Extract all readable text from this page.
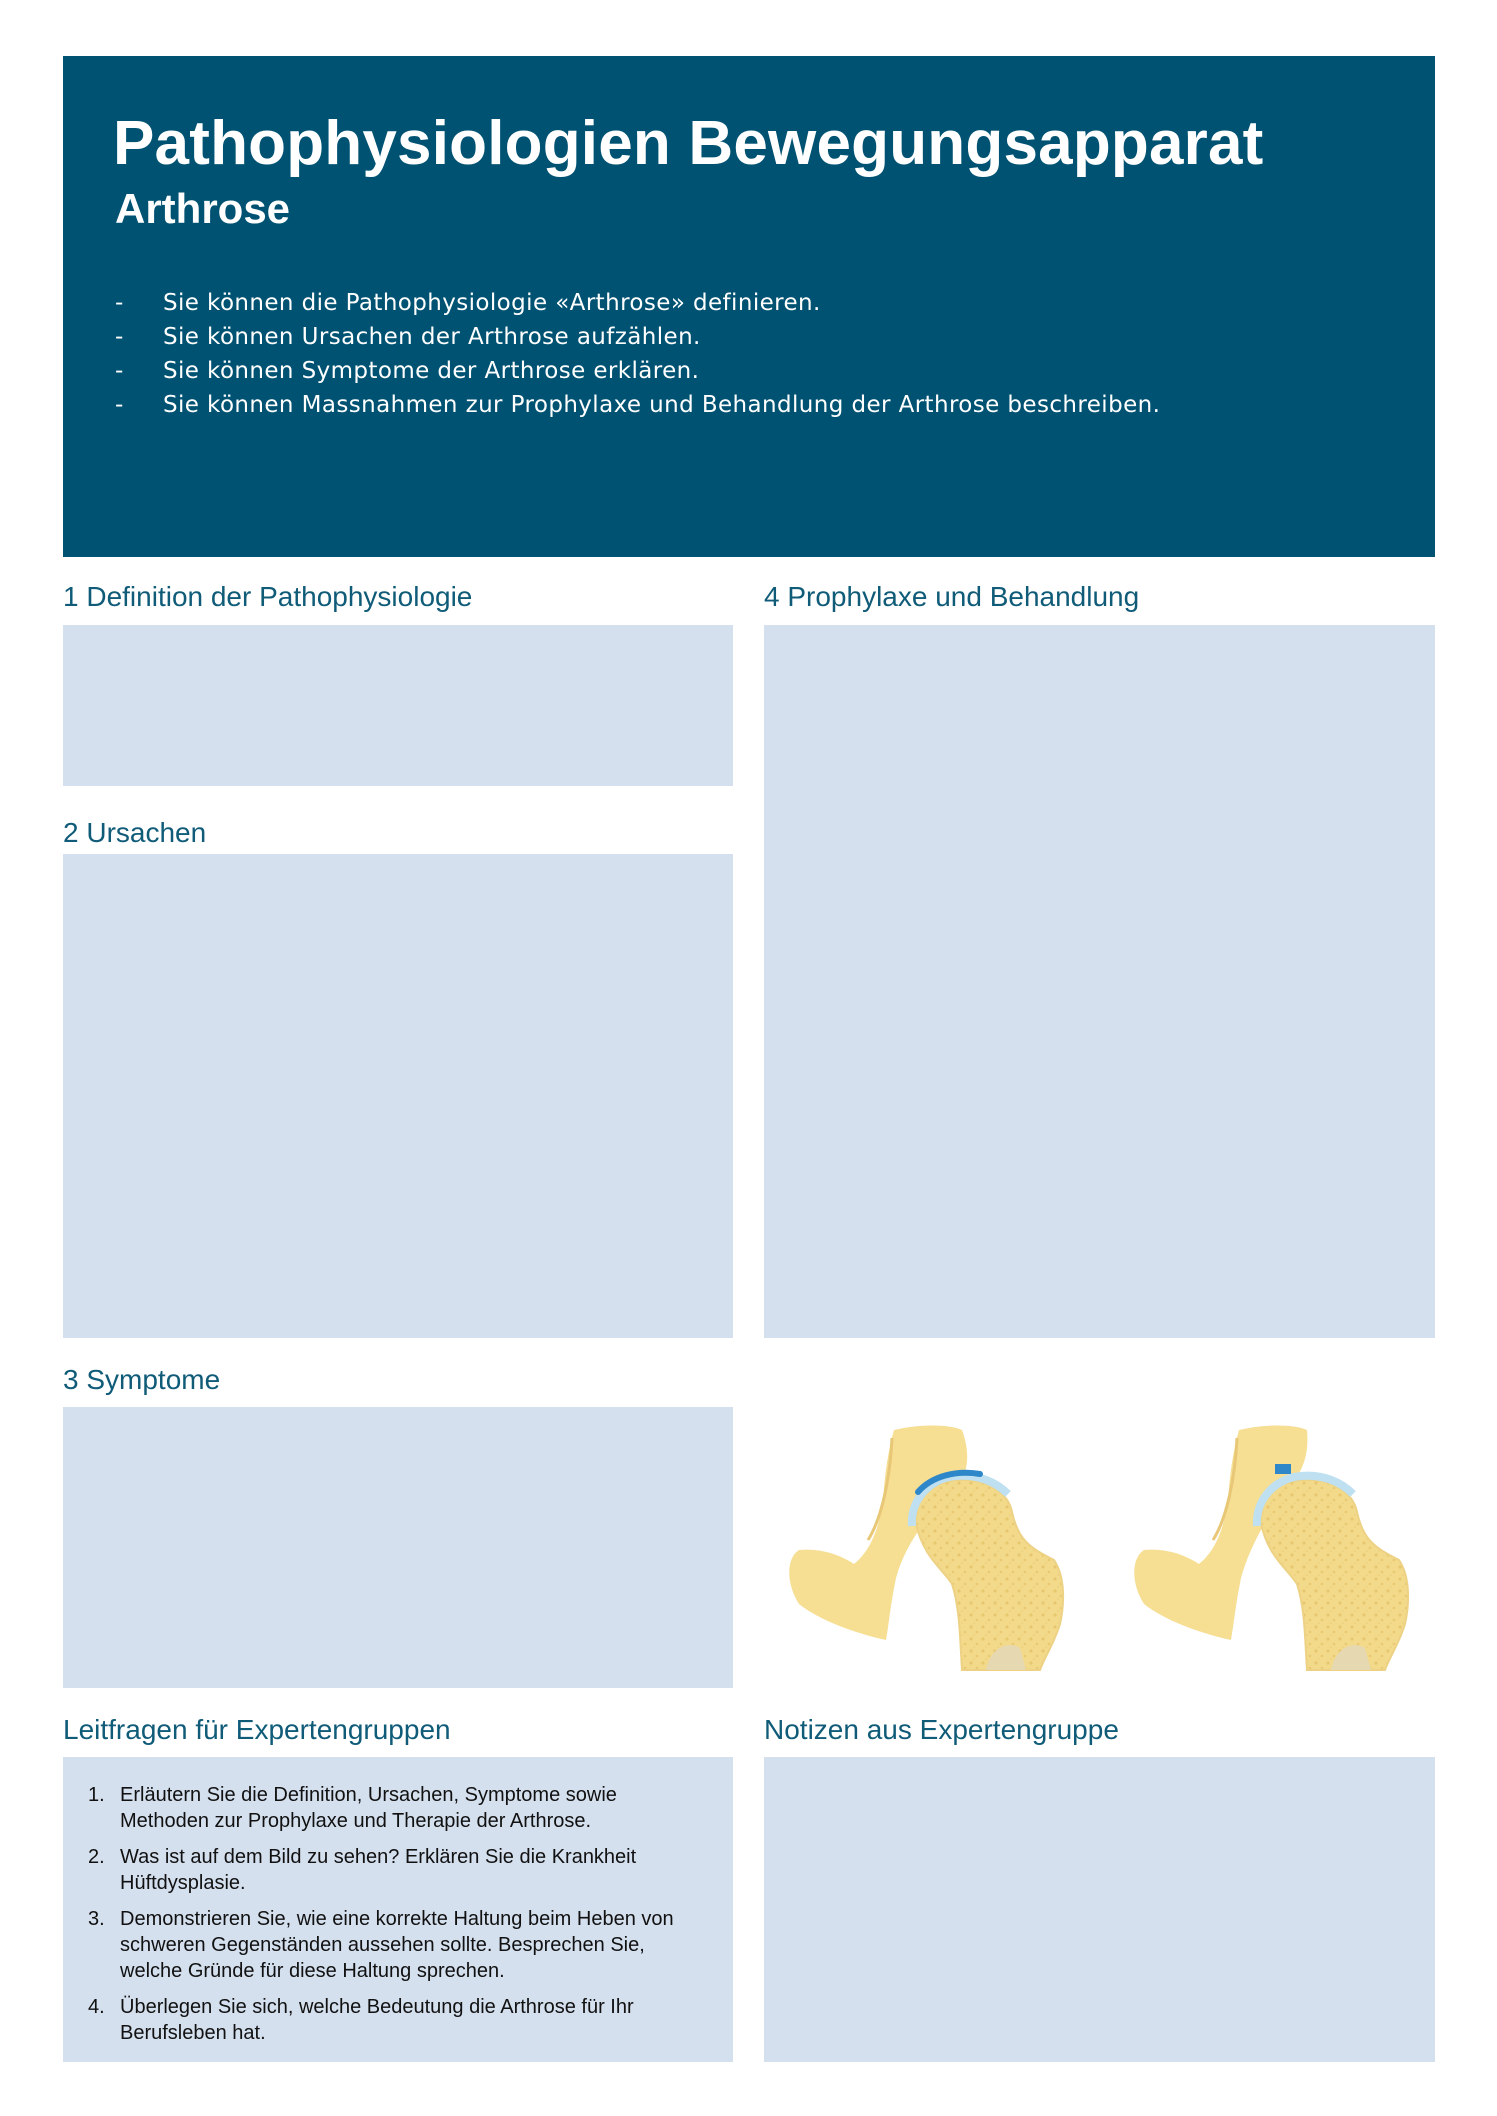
Pathophysiologien Bewegungsapparat
Arthrose
- Sie können die Pathophysiologie «Arthrose» definieren.
- Sie können Ursachen der Arthrose aufzählen.
- Sie können Symptome der Arthrose erklären.
- Sie können Massnahmen zur Prophylaxe und Behandlung der Arthrose beschreiben.
1 Definition der Pathophysiologie
2 Ursachen
3 Symptome
Leitfragen für Expertengruppen
1. Erläutern Sie die Definition, Ursachen, Symptome sowie Methoden zur Prophylaxe und Therapie der Arthrose.
2. Was ist auf dem Bild zu sehen? Erklären Sie die Krankheit Hüftdysplasie.
3. Demonstrieren Sie, wie eine korrekte Haltung beim Heben von schweren Gegenständen aussehen sollte. Besprechen Sie, welche Gründe für diese Haltung sprechen.
4. Überlegen Sie sich, welche Bedeutung die Arthrose für Ihr Berufsleben hat.
4 Prophylaxe und Behandlung
Notizen aus Expertengruppe
